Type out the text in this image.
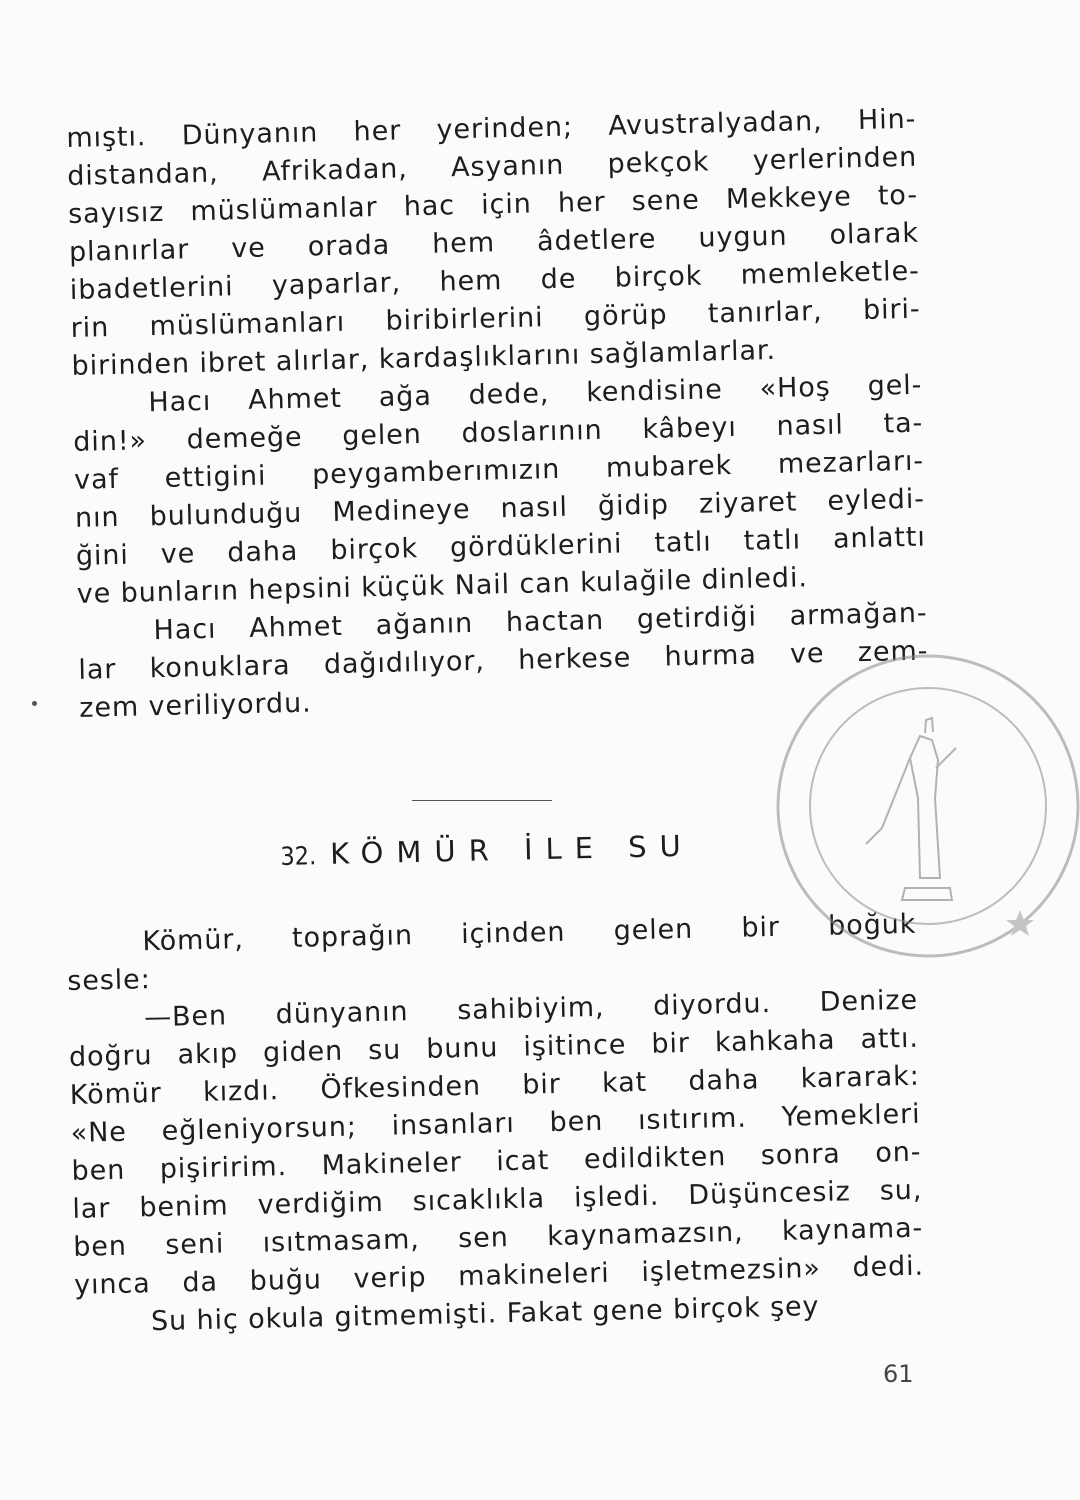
mıştı. Dünyanın her yerinden; Avustralyadan, Hin-
distandan, Afrikadan, Asyanın pekçok yerlerinden
sayısız müslümanlar hac için her sene Mekkeye to-
planırlar ve orada hem âdetlere uygun olarak
ibadetlerini yaparlar, hem de birçok memleketle-
rin müslümanları biribirlerini görüp tanırlar, biri-
birinden ibret alırlar, kardaşlıklarını sağlamlarlar.
Hacı Ahmet ağa dede, kendisine «Hoş gel-
din!» demeğe gelen doslarının kâbeyı nasıl ta-
vaf ettigini peygamberımızın mubarek mezarları-
nın bulunduğu Medineye nasıl ğidip ziyaret eyledi-
ğini ve daha birçok gördüklerini tatlı tatlı anlattı
ve bunların hepsini küçük Nail can kulağile dinledi.
Hacı Ahmet ağanın hactan getirdiği armağan-
lar konuklara dağıdılıyor, herkese hurma ve zem-
zem veriliyordu.
32. KÖMÜR İLE SU
Kömür, toprağın içinden gelen bir boğuk
sesle:
—Ben dünyanın sahibiyim, diyordu. Denize
doğru akıp giden su bunu işitince bir kahkaha attı.
Kömür kızdı. Öfkesinden bir kat daha kararak:
«Ne eğleniyorsun; insanları ben ısıtırım. Yemekleri
ben pişiririm. Makineler icat edildikten sonra on-
lar benim verdiğim sıcaklıkla işledi. Düşüncesiz su,
ben seni ısıtmasam, sen kaynamazsın, kaynama-
yınca da buğu verip makineleri işletmezsin» dedi.
Su hiç okula gitmemişti. Fakat gene birçok şey
61
